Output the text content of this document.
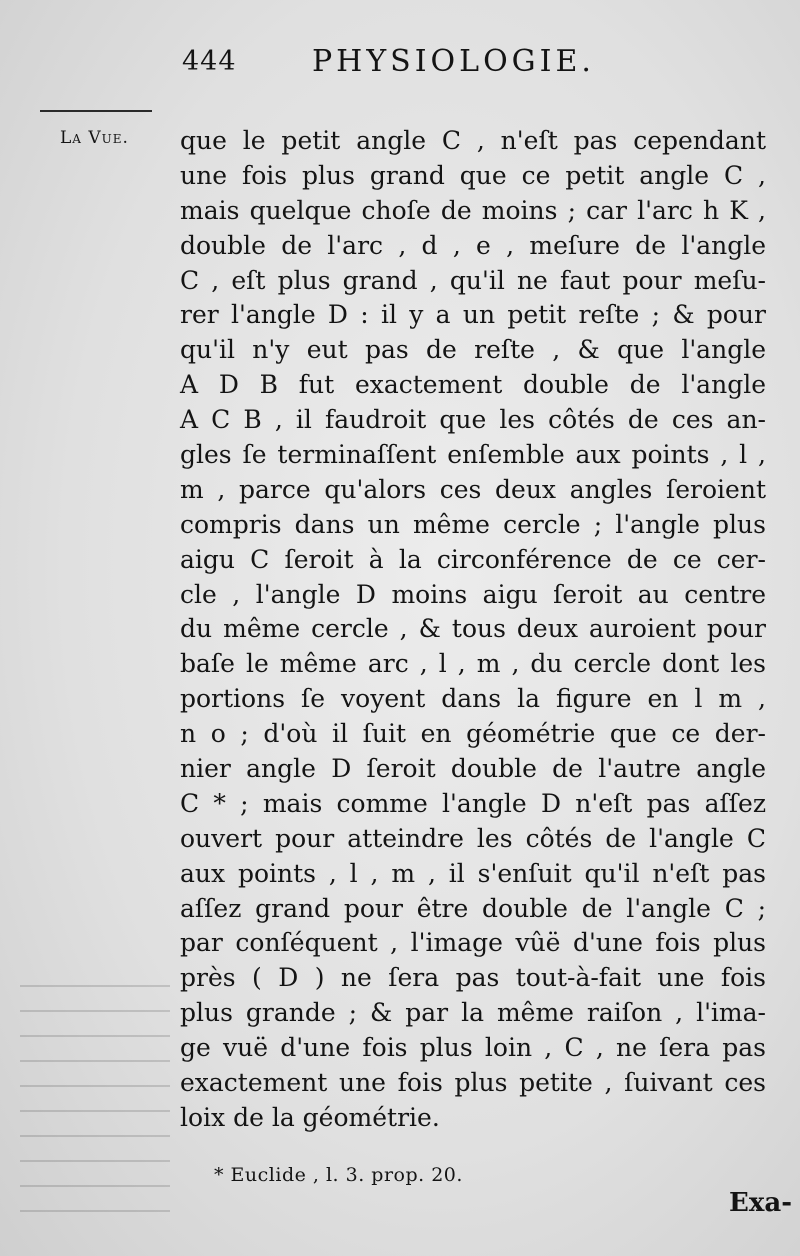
444	PHYSIOLOGIE.
La Vue. que le petit angle C , n'eſt pas cependant
une fois plus grand que ce petit angle C ,
mais quelque choſe de moins ; car l'arc h K ,
double de l'arc , d , e , meſure de l'angle
C , eſt plus grand , qu'il ne faut pour meſu-
rer l'angle D : il y a un petit reſte ; & pour
qu'il n'y eut pas de reſte , & que l'angle
A D B fut exactement double de l'angle
A C B , il faudroit que les côtés de ces an-
gles ſe terminaſſent enſemble aux points , l ,
m , parce qu'alors ces deux angles ſeroient
compris dans un même cercle ; l'angle plus
aigu C ſeroit à la circonférence de ce cer-
cle , l'angle D moins aigu ſeroit au centre
du même cercle , & tous deux auroient pour
baſe le même arc , l , m , du cercle dont les
portions ſe voyent dans la figure en l m ,
n o ; d'où il ſuit en géométrie que ce der-
nier angle D ſeroit double de l'autre angle
C * ; mais comme l'angle D n'eſt pas aſſez
ouvert pour atteindre les côtés de l'angle C
aux points , l , m , il s'enſuit qu'il n'eſt pas
aſſez grand pour être double de l'angle C ;
par conſéquent , l'image vûë d'une fois plus
près ( D ) ne ſera pas tout-à-fait une fois
plus grande ; & par la même raiſon , l'ima-
ge vuë d'une fois plus loin , C , ne ſera pas
exactement une fois plus petite , ſuivant ces
loix de la géométrie.
* Euclide , l. 3. prop. 20.
Exa-
